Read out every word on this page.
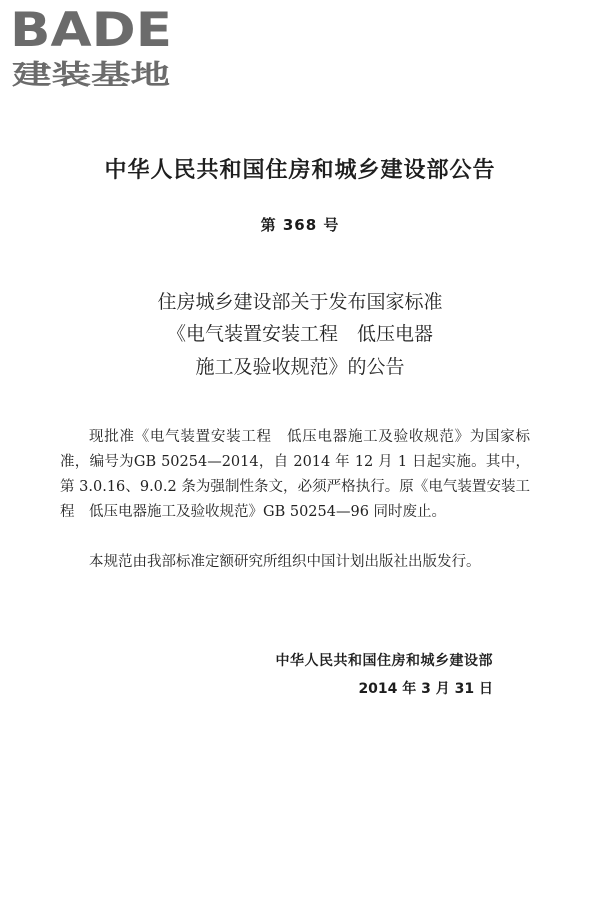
BADE
建装基地
中华人民共和国住房和城乡建设部公告
第 368 号
住房城乡建设部关于发布国家标准
《电气装置安装工程　低压电器
施工及验收规范》的公告

现批准《电气装置安装工程　低压电器施工及验收规范》为国家标准，编号为GB 50254—2014，自 2014 年 12 月 1 日起实施。其中，第 3.0.16、9.0.2 条为强制性条文，必须严格执行。原《电气装置安装工程　低压电器施工及验收规范》GB 50254—96 同时废止。

本规范由我部标准定额研究所组织中国计划出版社出版发行。

中华人民共和国住房和城乡建设部
2014 年 3 月 31 日
